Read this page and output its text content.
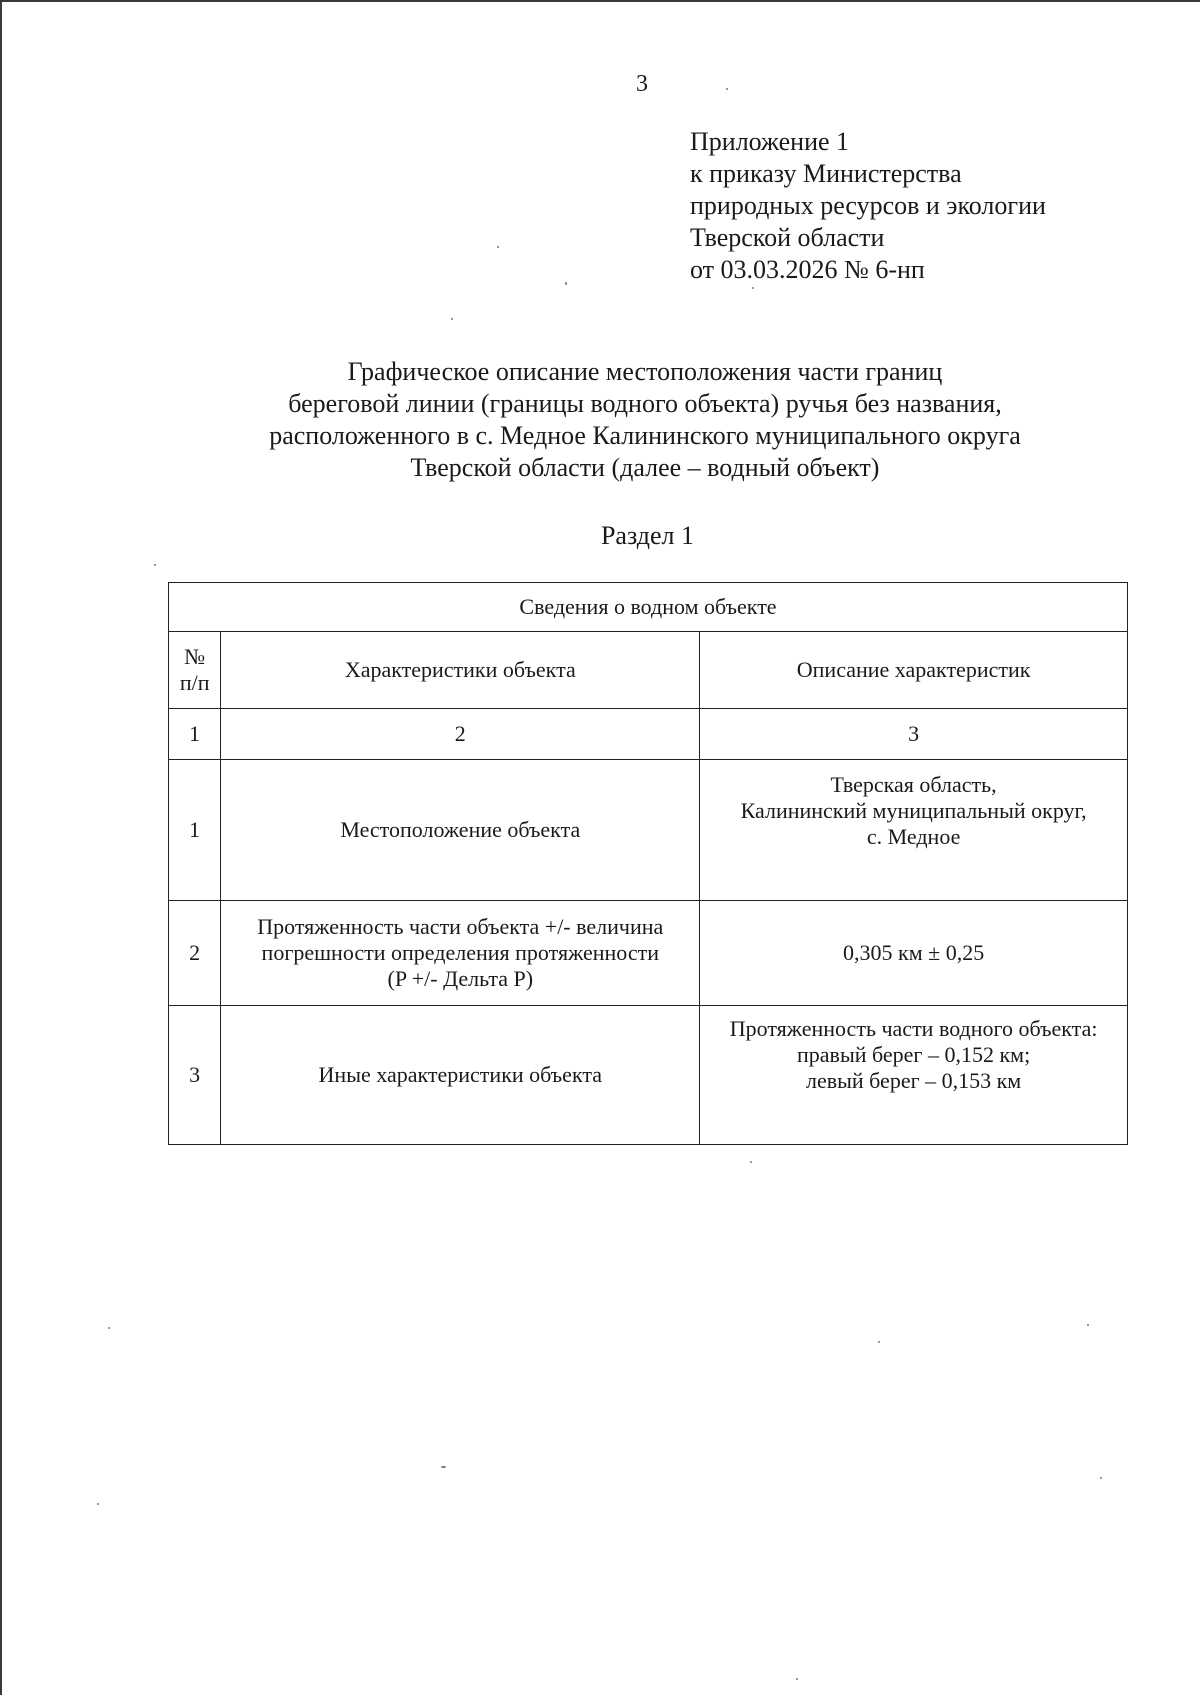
3
Приложение 1
к приказу Министерства
природных ресурсов и экологии
Тверской области
от 03.03.2026 № 6-нп
Графическое описание местоположения части границ
береговой линии (границы водного объекта) ручья без названия,
расположенного в с. Медное Калининского муниципального округа
Тверской области (далее – водный объект)
Раздел 1
Сведения о водном объекте		

№
п/п	Характеристики объекта	Описание характеристик
1	2	3
1	Местоположение объекта	Тверская область,
Калининский муниципальный округ,
с. Медное

2	Протяженность части объекта +/- величина
погрешности определения протяженности
(P +/- Дельта P)	0,305 км ± 0,25

3	Иные характеристики объекта	Протяженность части водного объекта:
правый берег – 0,152 км;
левый берег – 0,153 км
